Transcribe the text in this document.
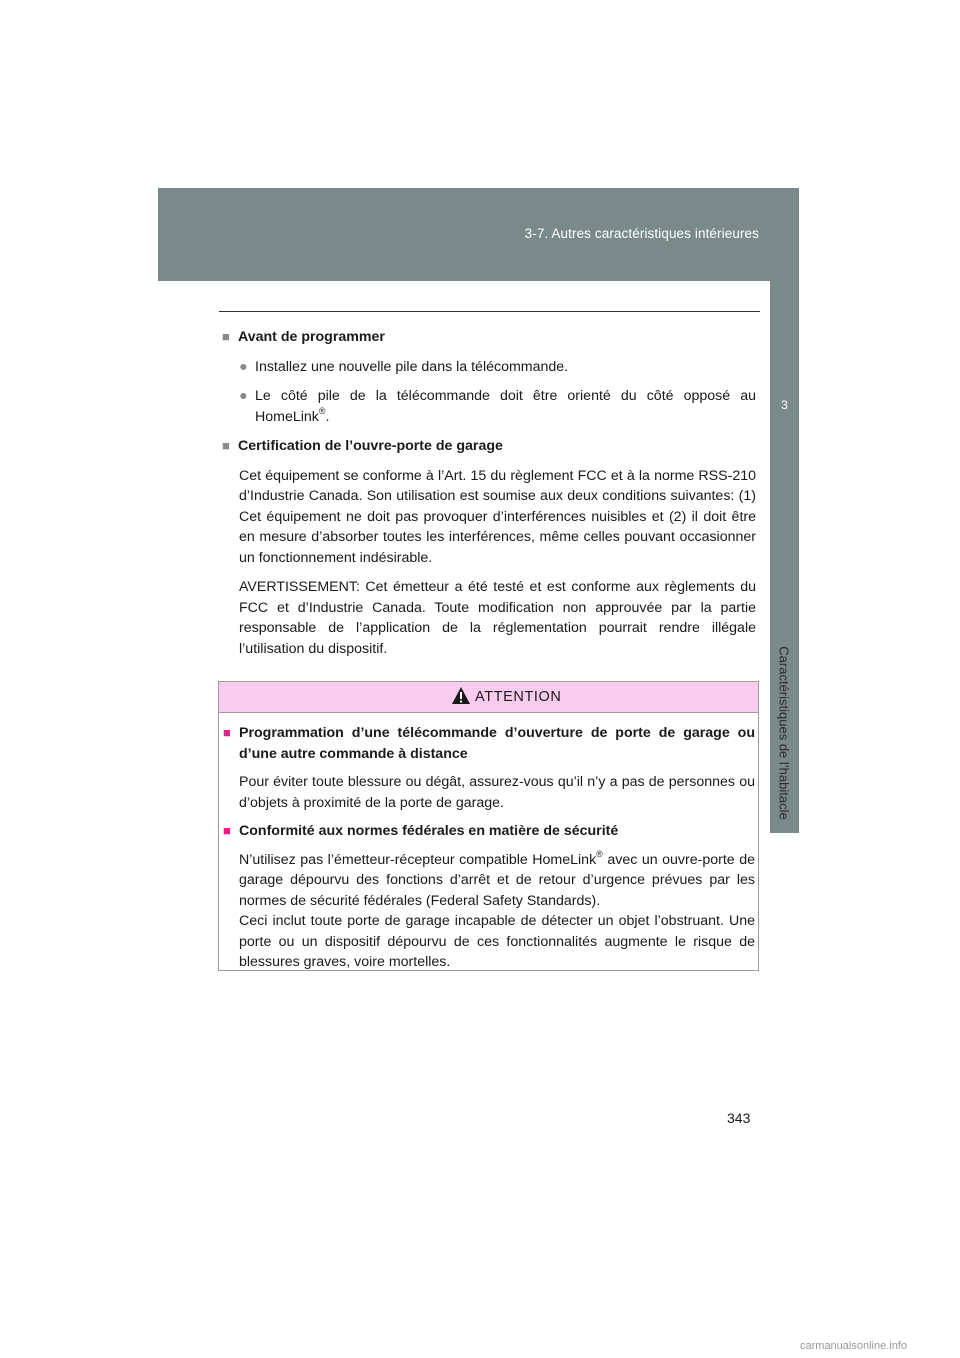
3-7. Autres caractéristiques intérieures
3
Caractéristiques de l’habitacle
■ Avant de programmer
● Installez une nouvelle pile dans la télécommande.
● Le côté pile de la télécommande doit être orienté du côté opposé au HomeLink®.
■ Certification de l’ouvre-porte de garage
Cet équipement se conforme à l’Art. 15 du règlement FCC et à la norme RSS-210 d’Industrie Canada. Son utilisation est soumise aux deux conditions suivantes: (1) Cet équipement ne doit pas provoquer d’interférences nuisibles et (2) il doit être en mesure d’absorber toutes les interférences, même celles pouvant occasionner un fonctionnement indésirable.
AVERTISSEMENT: Cet émetteur a été testé et est conforme aux règlements du FCC et d’Industrie Canada. Toute modification non approuvée par la partie responsable de l’application de la réglementation pourrait rendre illégale l’utilisation du dispositif.
ATTENTION
■ Programmation d’une télécommande d’ouverture de porte de garage ou d’une autre commande à distance
Pour éviter toute blessure ou dégât, assurez-vous qu’il n’y a pas de personnes ou d’objets à proximité de la porte de garage.
■ Conformité aux normes fédérales en matière de sécurité
N’utilisez pas l’émetteur-récepteur compatible HomeLink® avec un ouvre-porte de garage dépourvu des fonctions d’arrêt et de retour d’urgence prévues par les normes de sécurité fédérales (Federal Safety Standards).
Ceci inclut toute porte de garage incapable de détecter un objet l’obstruant. Une porte ou un dispositif dépourvu de ces fonctionnalités augmente le risque de blessures graves, voire mortelles.
343
carmanualsonline.info
